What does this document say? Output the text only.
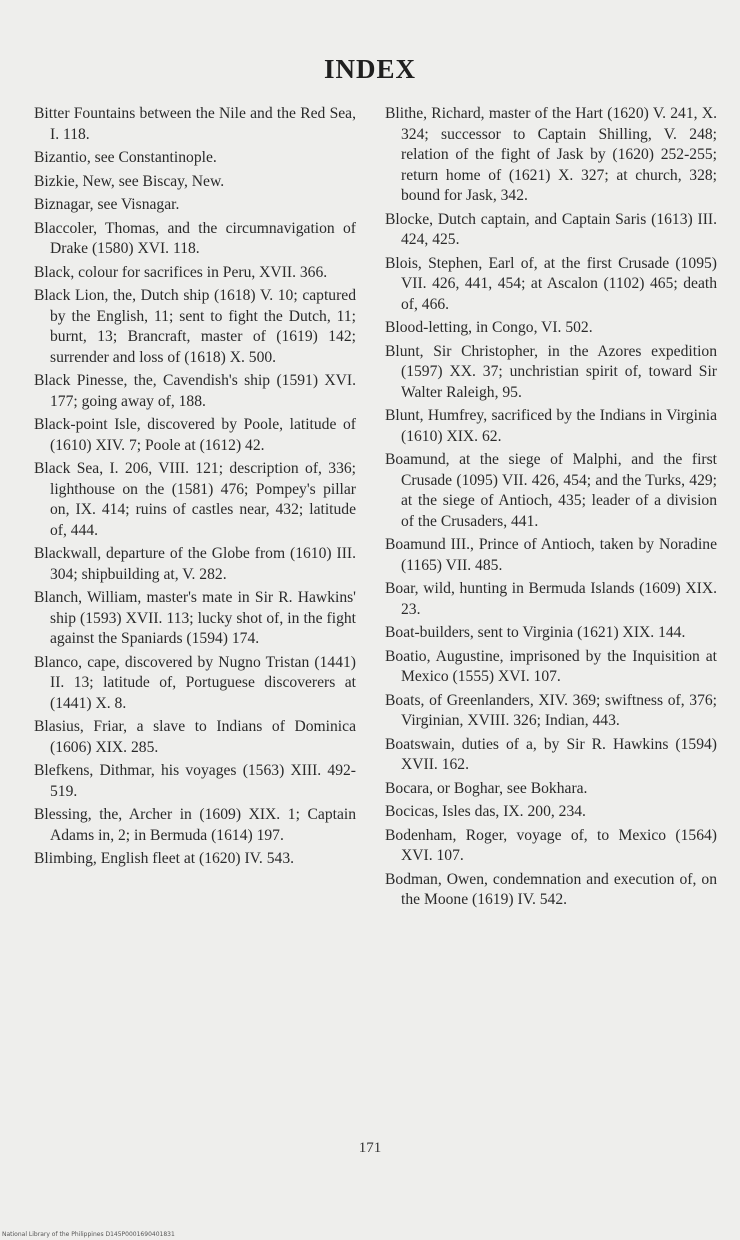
INDEX

Bitter Fountains between the Nile and the Red Sea, I. 118.

Bizantio, see Constantinople.

Bizkie, New, see Biscay, New.

Biznagar, see Visnagar.

Blaccoler, Thomas, and the circumnavigation of Drake (1580) XVI. 118.

Black, colour for sacrifices in Peru, XVII. 366.

Black Lion, the, Dutch ship (1618) V. 10; captured by the English, 11; sent to fight the Dutch, 11; burnt, 13; Brancraft, master of (1619) 142; surrender and loss of (1618) X. 500.

Black Pinesse, the, Cavendish's ship (1591) XVI. 177; going away of, 188.

Black-point Isle, discovered by Poole, latitude of (1610) XIV. 7; Poole at (1612) 42.

Black Sea, I. 206, VIII. 121; description of, 336; lighthouse on the (1581) 476; Pompey's pillar on, IX. 414; ruins of castles near, 432; latitude of, 444.

Blackwall, departure of the Globe from (1610) III. 304; shipbuilding at, V. 282.

Blanch, William, master's mate in Sir R. Hawkins' ship (1593) XVII. 113; lucky shot of, in the fight against the Spaniards (1594) 174.

Blanco, cape, discovered by Nugno Tristan (1441) II. 13; latitude of, Portuguese discoverers at (1441) X. 8.

Blasius, Friar, a slave to Indians of Dominica (1606) XIX. 285.

Blefkens, Dithmar, his voyages (1563) XIII. 492-519.

Blessing, the, Archer in (1609) XIX. 1; Captain Adams in, 2; in Bermuda (1614) 197.

Blimbing, English fleet at (1620) IV. 543.

Blithe, Richard, master of the Hart (1620) V. 241, X. 324; successor to Captain Shilling, V. 248; relation of the fight of Jask by (1620) 252-255; return home of (1621) X. 327; at church, 328; bound for Jask, 342.

Blocke, Dutch captain, and Captain Saris (1613) III. 424, 425.

Blois, Stephen, Earl of, at the first Crusade (1095) VII. 426, 441, 454; at Ascalon (1102) 465; death of, 466.

Blood-letting, in Congo, VI. 502.

Blunt, Sir Christopher, in the Azores expedition (1597) XX. 37; unchristian spirit of, toward Sir Walter Raleigh, 95.

Blunt, Humfrey, sacrificed by the Indians in Virginia (1610) XIX. 62.

Boamund, at the siege of Malphi, and the first Crusade (1095) VII. 426, 454; and the Turks, 429; at the siege of Antioch, 435; leader of a division of the Crusaders, 441.

Boamund III., Prince of Antioch, taken by Noradine (1165) VII. 485.

Boar, wild, hunting in Bermuda Islands (1609) XIX. 23.

Boat-builders, sent to Virginia (1621) XIX. 144.

Boatio, Augustine, imprisoned by the Inquisition at Mexico (1555) XVI. 107.

Boats, of Greenlanders, XIV. 369; swiftness of, 376; Virginian, XVIII. 326; Indian, 443.

Boatswain, duties of a, by Sir R. Hawkins (1594) XVII. 162.

Bocara, or Boghar, see Bokhara.

Bocicas, Isles das, IX. 200, 234.

Bodenham, Roger, voyage of, to Mexico (1564) XVI. 107.

Bodman, Owen, condemnation and execution of, on the Moone (1619) IV. 542.

171
National Library of the Philippines D145P0001690401831
